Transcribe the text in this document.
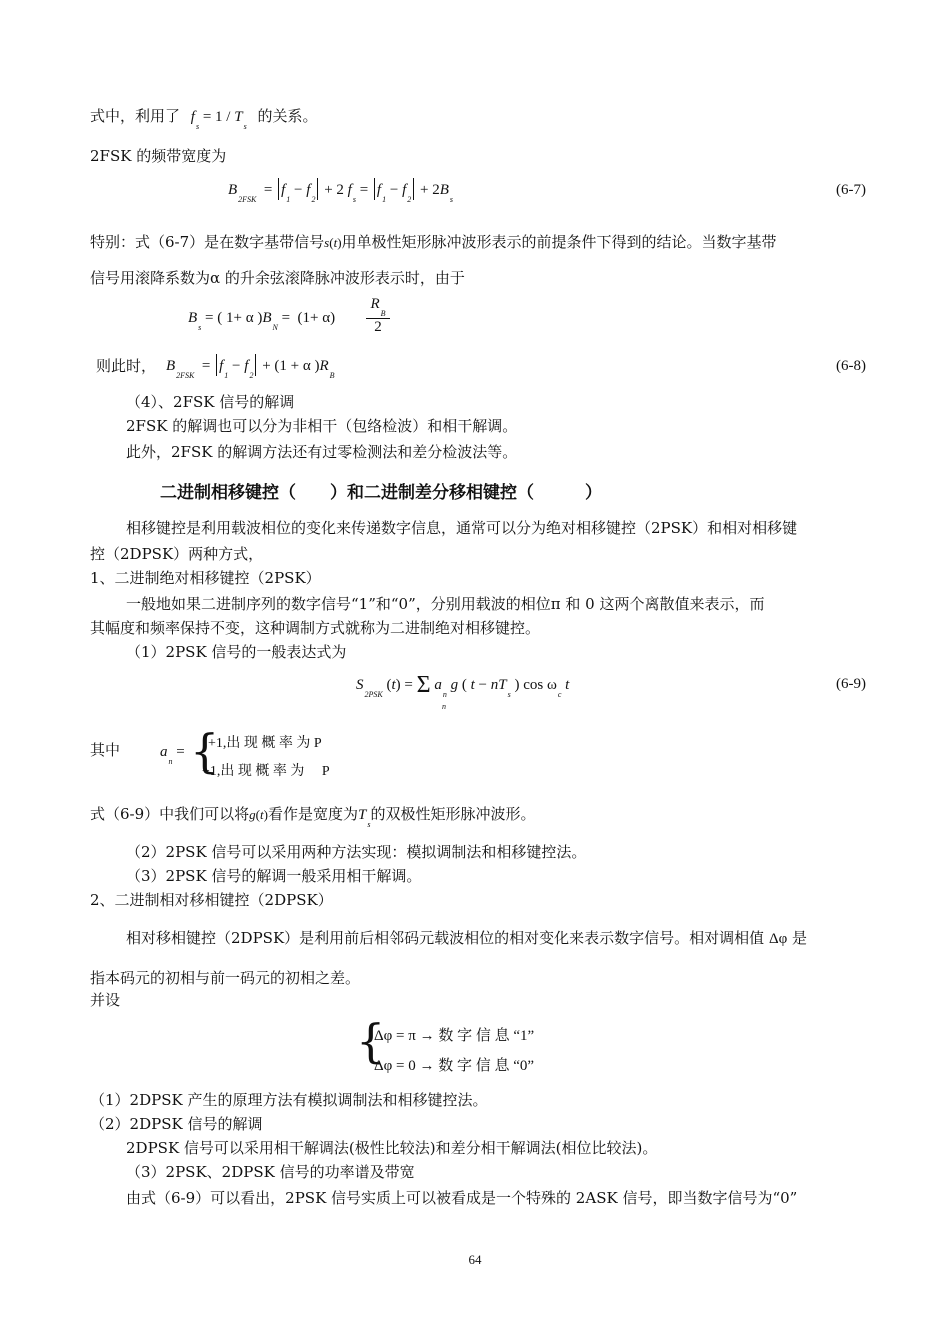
式中，利用了 $f_s = 1 / T_s$ 的关系。
2FSK 的频带宽度为
$B_{2FSK} = f_1 - f_2 + 2$ $f_s = f_1 - f_2 + 2B_s$
(6-7)
特别：式（6-7）是在数字基带信号s(t)用单极性矩形脉冲波形表示的前提条件下得到的结论。当数字基带
信号用滚降系数为α 的升余弦滚降脉冲波形表示时，由于
$B_s$ = ( 1+ α )$B_N = (1+ \alpha)$
$R_B$
2
则此时， $B_{2FSK} = f_1 - f_2 + (1 + \alpha$ )$R_B$
(6-8)
（4）、2FSK 信号的解调
2FSK 的解调也可以分为非相干（包络检波）和相干解调。
此外，2FSK 的解调方法还有过零检测法和差分检波法等。
二进制相移键控（　　）和二进制差分移相键控（　　　）
相移键控是利用载波相位的变化来传递数字信息，通常可以分为绝对相移键控（2PSK）和相对相移键
控（2DPSK）两种方式，
1、二进制绝对相移键控（2PSK）
一般地如果二进制序列的数字信号“1”和“0”，分别用载波的相位π 和 0 这两个离散值来表示，而
其幅度和频率保持不变，这种调制方式就称为二进制绝对相移键控。
（1）2PSK 信号的一般表达式为
$S_{2PSK}$ (t) = Σ $a_n$ g ( $t - nT_s$ ) $\cos \omega_c$ t
n
(6-9)
其中	$a_n$ = {
+1,出 现 概 率 为 P
−1,出 现 概 率 为　 P
式（6-9）中我们可以将g(t)看作是宽度为$T_s$的双极性矩形脉冲波形。
（2）2PSK 信号可以采用两种方法实现：模拟调制法和相移键控法。
（3）2PSK 信号的解调一般采用相干解调。
2、二进制相对移相键控（2DPSK）
相对移相键控（2DPSK）是利用前后相邻码元载波相位的相对变化来表示数字信号。相对调相值 Δφ 是
指本码元的初相与前一码元的初相之差。
并设
{
Δφ = π → 数 字 信 息 “1”
Δφ = 0 → 数 字 信 息 “0”
（1）2DPSK 产生的原理方法有模拟调制法和相移键控法。
（2）2DPSK 信号的解调
2DPSK 信号可以采用相干解调法(极性比较法)和差分相干解调法(相位比较法)。
（3）2PSK、2DPSK 信号的功率谱及带宽
由式（6-9）可以看出，2PSK 信号实质上可以被看成是一个特殊的 2ASK 信号，即当数字信号为“0”
64
